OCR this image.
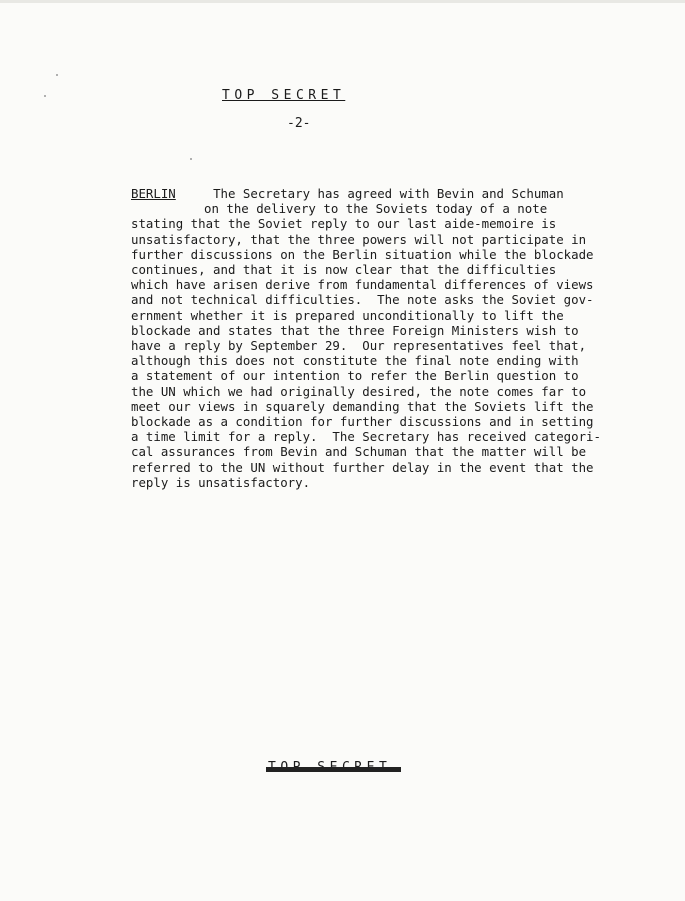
TOP SECRET
-2-
BERLIN	The Secretary has agreed with Bevin and Schuman
on the delivery to the Soviets today of a note
stating that the Soviet reply to our last aide-memoire is
unsatisfactory, that the three powers will not participate in
further discussions on the Berlin situation while the blockade
continues, and that it is now clear that the difficulties
which have arisen derive from fundamental differences of views
and not technical difficulties.  The note asks the Soviet gov-
ernment whether it is prepared unconditionally to lift the
blockade and states that the three Foreign Ministers wish to
have a reply by September 29.  Our representatives feel that,
although this does not constitute the final note ending with
a statement of our intention to refer the Berlin question to
the UN which we had originally desired, the note comes far to
meet our views in squarely demanding that the Soviets lift the
blockade as a condition for further discussions and in setting
a time limit for a reply.  The Secretary has received categori-
cal assurances from Bevin and Schuman that the matter will be
referred to the UN without further delay in the event that the
reply is unsatisfactory.
